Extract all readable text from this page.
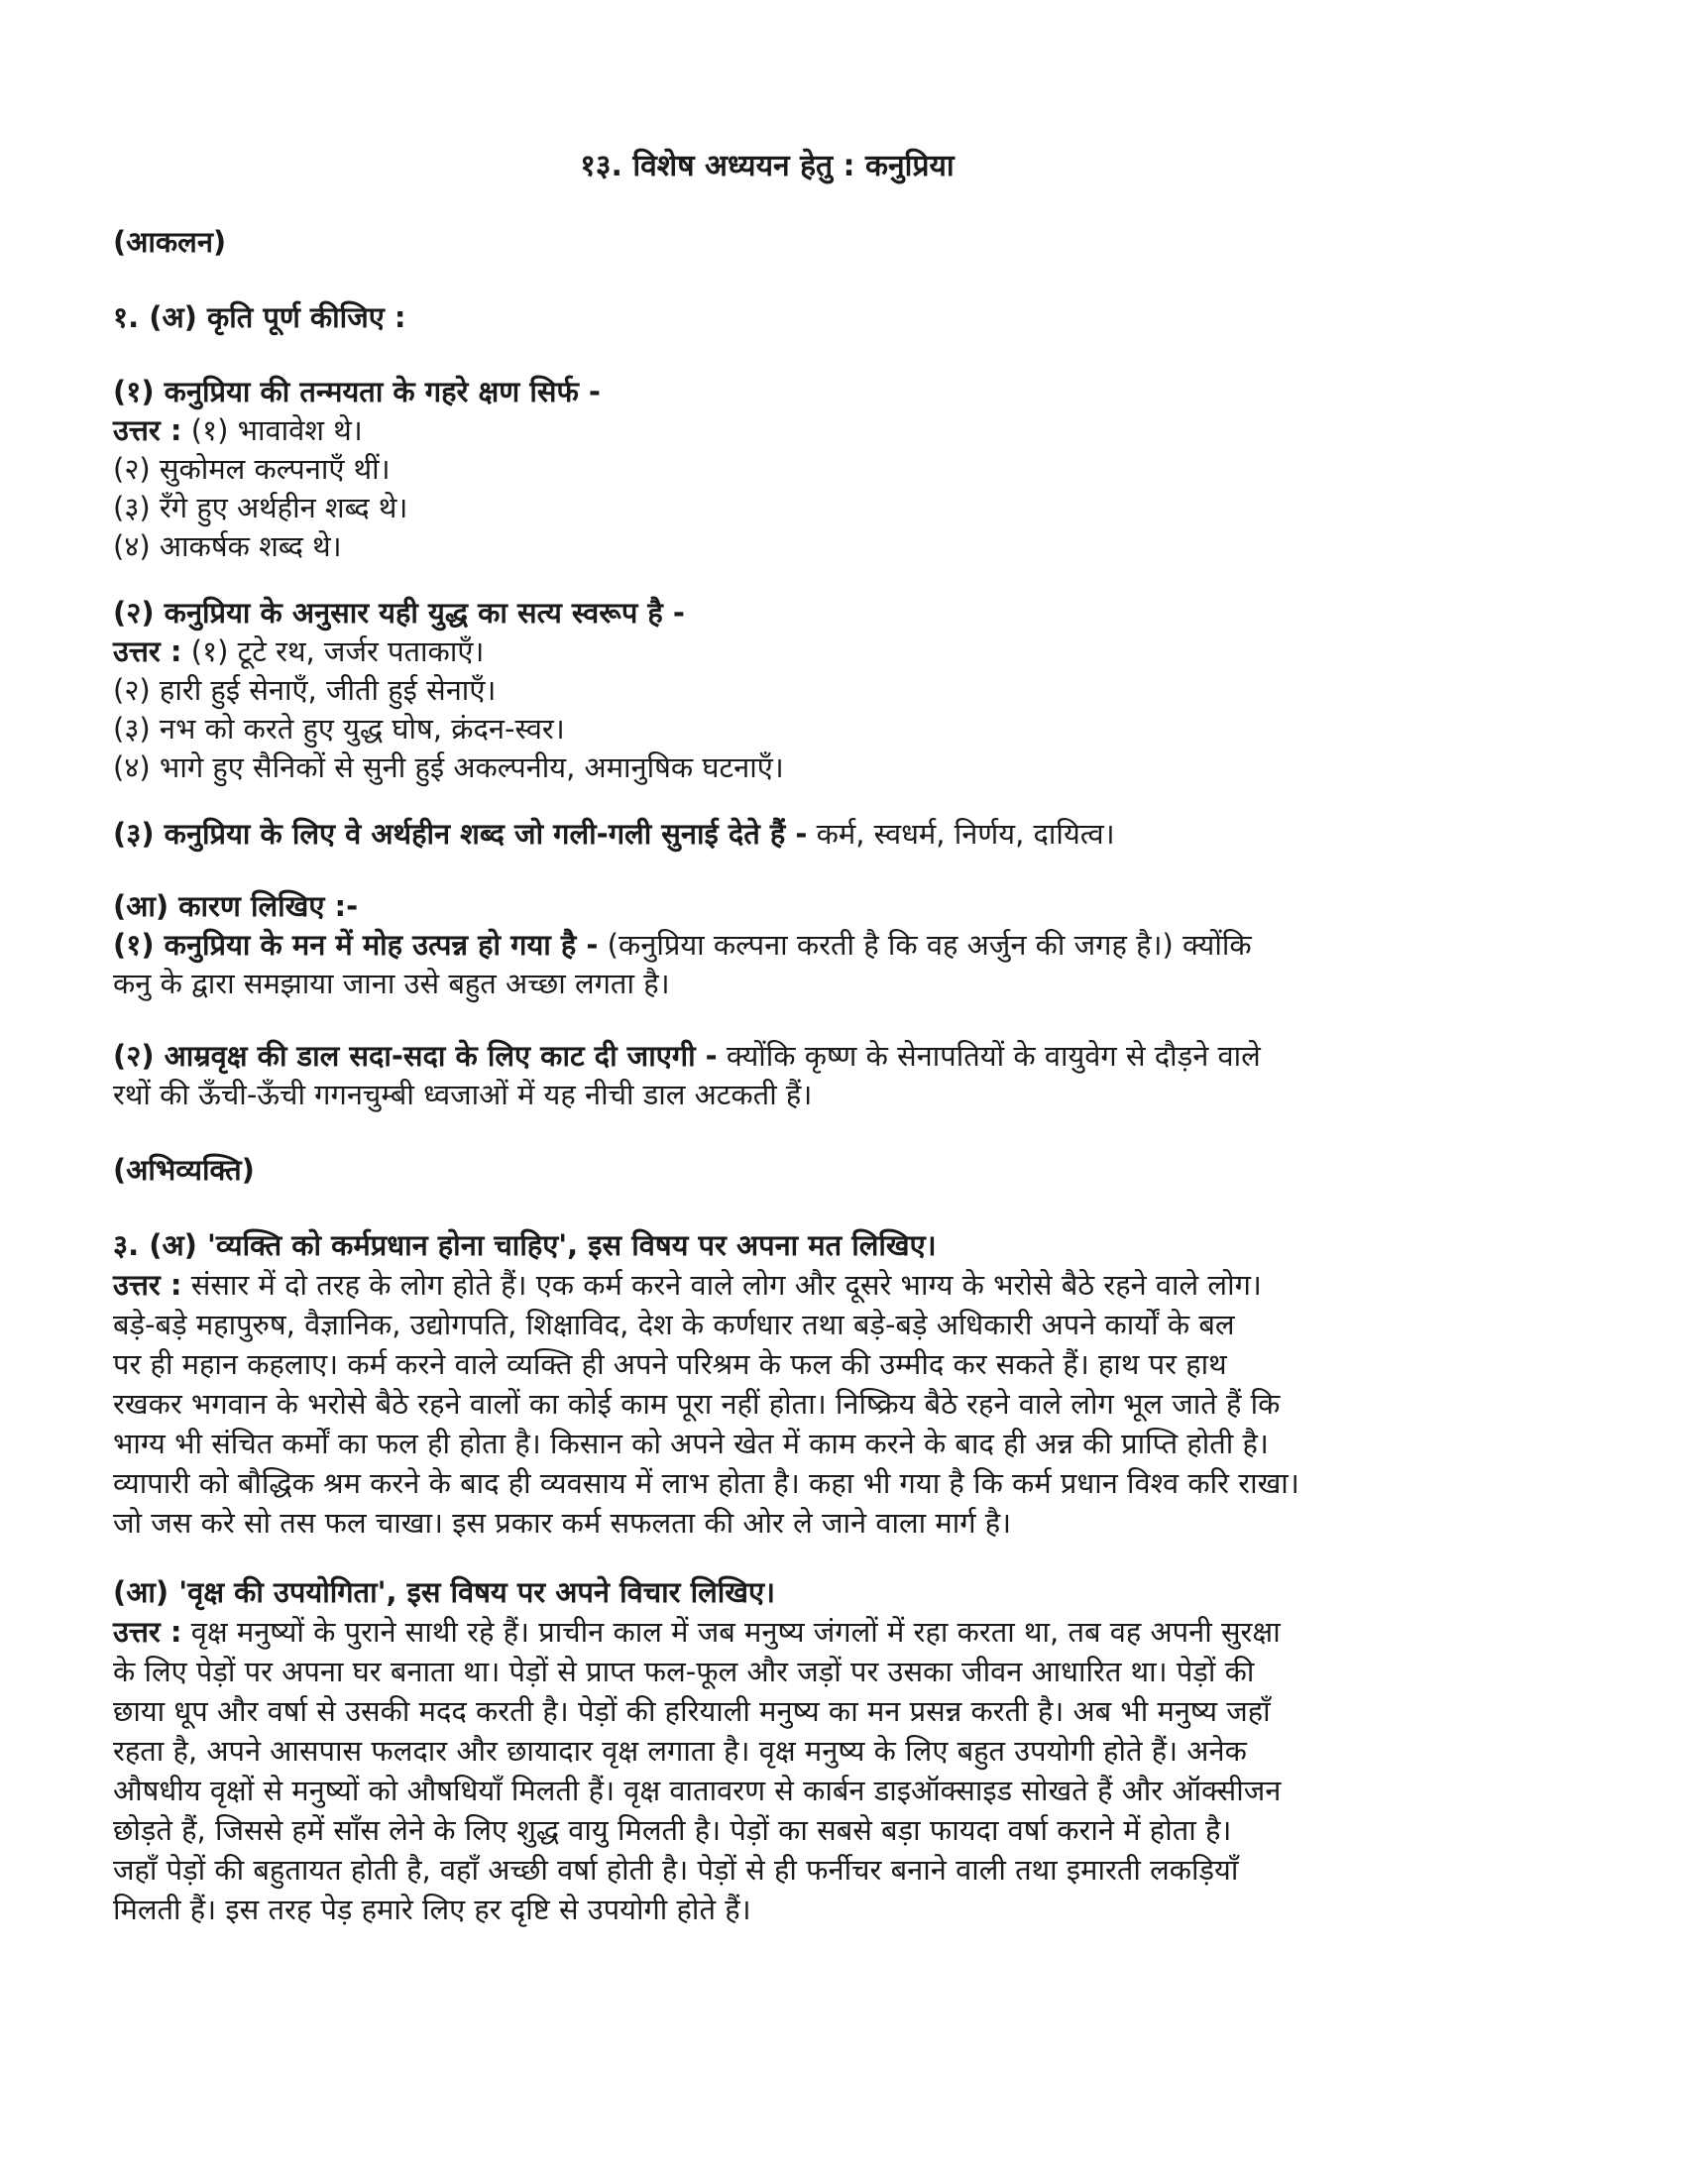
१३. विशेष अध्ययन हेतु : कनुप्रिया
(आकलन)
१. (अ) कृति पूर्ण कीजिए :
(१) कनुप्रिया की तन्मयता के गहरे क्षण सिर्फ -
उत्तर : (१) भावावेश थे।
(२) सुकोमल कल्पनाएँ थीं।
(३) रँगे हुए अर्थहीन शब्द थे।
(४) आकर्षक शब्द थे।
(२) कनुप्रिया के अनुसार यही युद्ध का सत्य स्वरूप है -
उत्तर : (१) टूटे रथ, जर्जर पताकाएँ।
(२) हारी हुई सेनाएँ, जीती हुई सेनाएँ।
(३) नभ को करते हुए युद्ध घोष, क्रंदन-स्वर।
(४) भागे हुए सैनिकों से सुनी हुई अकल्पनीय, अमानुषिक घटनाएँ।
(३) कनुप्रिया के लिए वे अर्थहीन शब्द जो गली-गली सुनाई देते हैं - कर्म, स्वधर्म, निर्णय, दायित्व।
(आ) कारण लिखिए :-
(१) कनुप्रिया के मन में मोह उत्पन्न हो गया है - (कनुप्रिया कल्पना करती है कि वह अर्जुन की जगह है।) क्योंकि
कनु के द्वारा समझाया जाना उसे बहुत अच्छा लगता है।
(२) आम्रवृक्ष की डाल सदा-सदा के लिए काट दी जाएगी - क्योंकि कृष्ण के सेनापतियों के वायुवेग से दौड़ने वाले
रथों की ऊँची-ऊँची गगनचुम्बी ध्वजाओं में यह नीची डाल अटकती हैं।
(अभिव्यक्ति)
३. (अ) 'व्यक्ति को कर्मप्रधान होना चाहिए', इस विषय पर अपना मत लिखिए।
उत्तर : संसार में दो तरह के लोग होते हैं। एक कर्म करने वाले लोग और दूसरे भाग्य के भरोसे बैठे रहने वाले लोग।
बड़े-बड़े महापुरुष, वैज्ञानिक, उद्योगपति, शिक्षाविद, देश के कर्णधार तथा बड़े-बड़े अधिकारी अपने कार्यों के बल
पर ही महान कहलाए। कर्म करने वाले व्यक्ति ही अपने परिश्रम के फल की उम्मीद कर सकते हैं। हाथ पर हाथ
रखकर भगवान के भरोसे बैठे रहने वालों का कोई काम पूरा नहीं होता। निष्क्रिय बैठे रहने वाले लोग भूल जाते हैं कि
भाग्य भी संचित कर्मों का फल ही होता है। किसान को अपने खेत में काम करने के बाद ही अन्न की प्राप्ति होती है।
व्यापारी को बौद्धिक श्रम करने के बाद ही व्यवसाय में लाभ होता है। कहा भी गया है कि कर्म प्रधान विश्व करि राखा।
जो जस करे सो तस फल चाखा। इस प्रकार कर्म सफलता की ओर ले जाने वाला मार्ग है।
(आ) 'वृक्ष की उपयोगिता', इस विषय पर अपने विचार लिखिए।
उत्तर : वृक्ष मनुष्यों के पुराने साथी रहे हैं। प्राचीन काल में जब मनुष्य जंगलों में रहा करता था, तब वह अपनी सुरक्षा
के लिए पेड़ों पर अपना घर बनाता था। पेड़ों से प्राप्त फल-फूल और जड़ों पर उसका जीवन आधारित था। पेड़ों की
छाया धूप और वर्षा से उसकी मदद करती है। पेड़ों की हरियाली मनुष्य का मन प्रसन्न करती है। अब भी मनुष्य जहाँ
रहता है, अपने आसपास फलदार और छायादार वृक्ष लगाता है। वृक्ष मनुष्य के लिए बहुत उपयोगी होते हैं। अनेक
औषधीय वृक्षों से मनुष्यों को औषधियाँ मिलती हैं। वृक्ष वातावरण से कार्बन डाइऑक्साइड सोखते हैं और ऑक्सीजन
छोड़ते हैं, जिससे हमें साँस लेने के लिए शुद्ध वायु मिलती है। पेड़ों का सबसे बड़ा फायदा वर्षा कराने में होता है।
जहाँ पेड़ों की बहुतायत होती है, वहाँ अच्छी वर्षा होती है। पेड़ों से ही फर्नीचर बनाने वाली तथा इमारती लकड़ियाँ
मिलती हैं। इस तरह पेड़ हमारे लिए हर दृष्टि से उपयोगी होते हैं।
